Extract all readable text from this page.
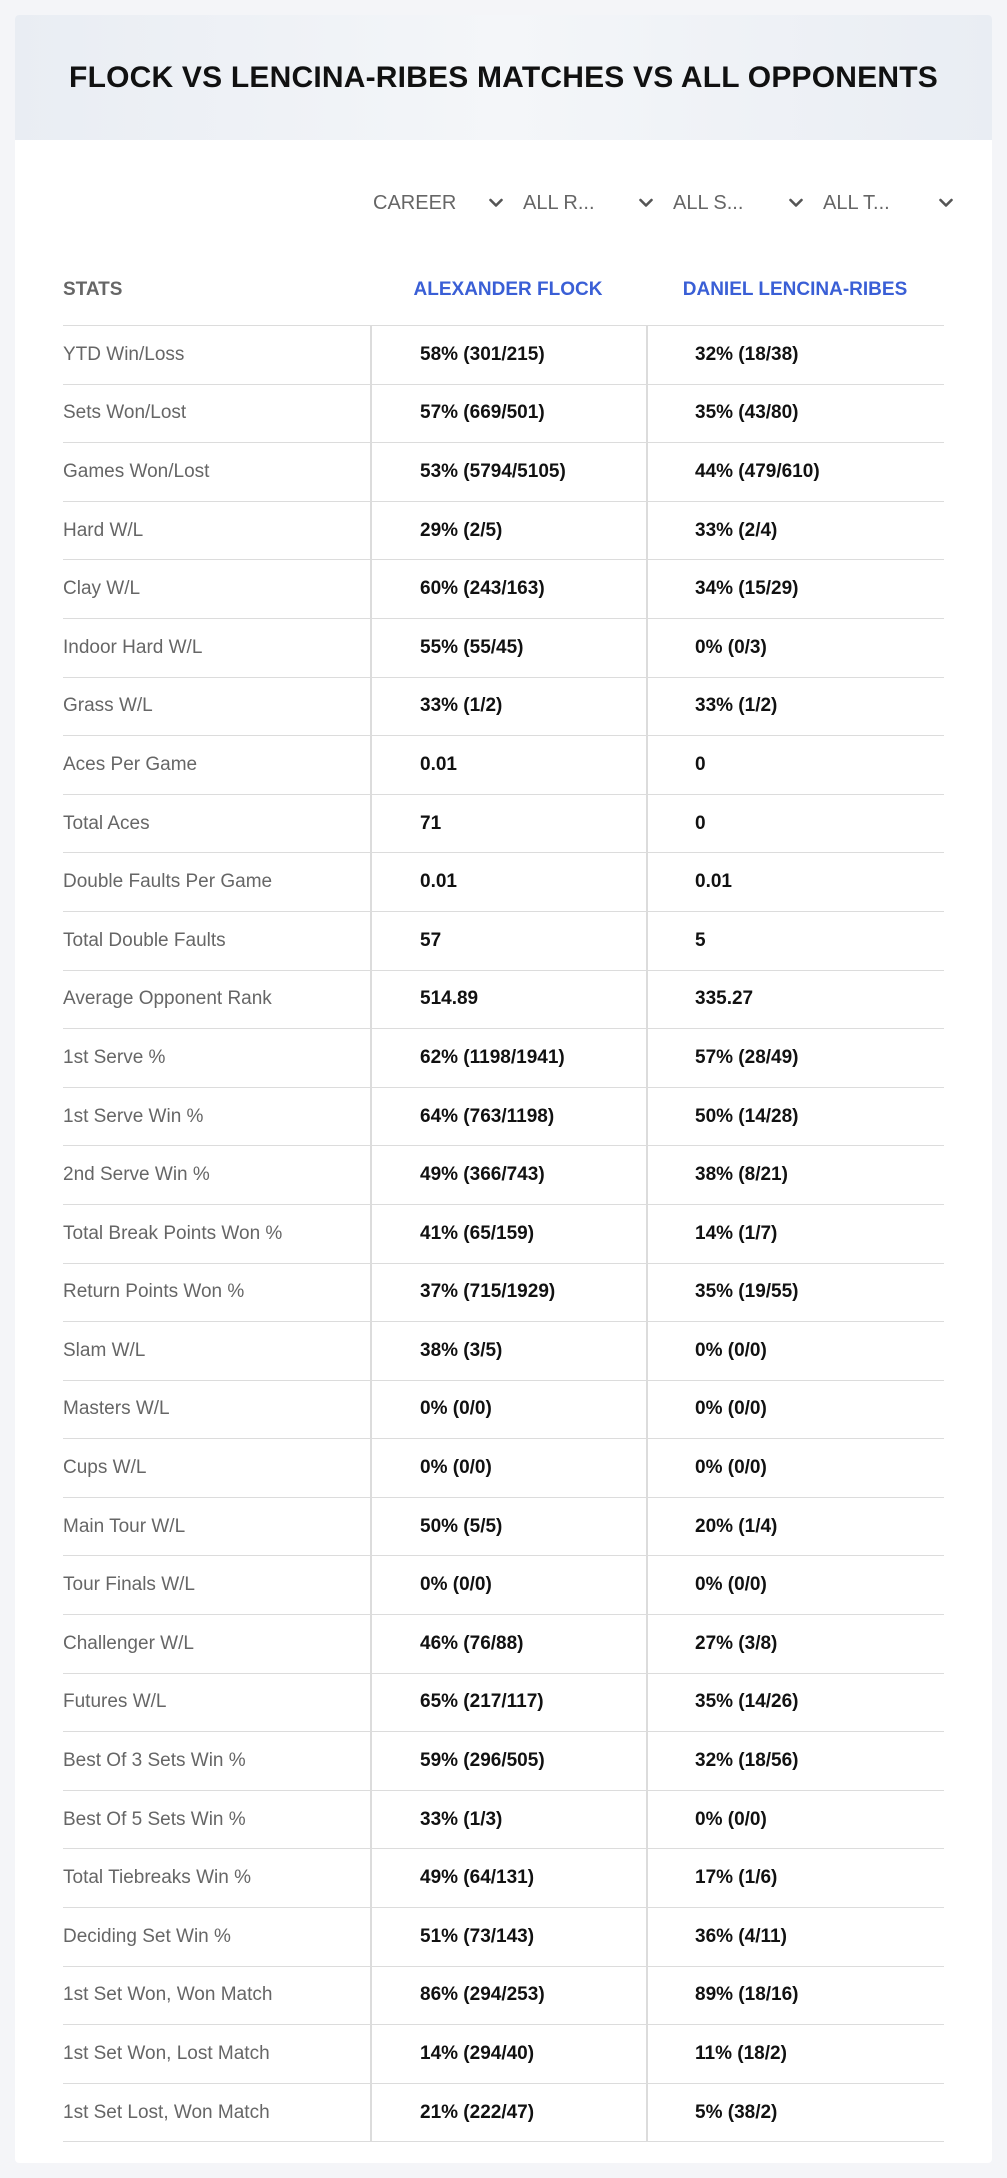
FLOCK VS LENCINA-RIBES MATCHES VS ALL OPPONENTS
CAREER	ALL R...	ALL S...	ALL T...
STATS	ALEXANDER FLOCK	DANIEL LENCINA-RIBES
YTD Win/Loss	58% (301/215)	32% (18/38)
Sets Won/Lost	57% (669/501)	35% (43/80)
Games Won/Lost	53% (5794/5105)	44% (479/610)
Hard W/L	29% (2/5)	33% (2/4)
Clay W/L	60% (243/163)	34% (15/29)
Indoor Hard W/L	55% (55/45)	0% (0/3)
Grass W/L	33% (1/2)	33% (1/2)
Aces Per Game	0.01	0
Total Aces	71	0
Double Faults Per Game	0.01	0.01
Total Double Faults	57	5
Average Opponent Rank	514.89	335.27
1st Serve %	62% (1198/1941)	57% (28/49)
1st Serve Win %	64% (763/1198)	50% (14/28)
2nd Serve Win %	49% (366/743)	38% (8/21)
Total Break Points Won %	41% (65/159)	14% (1/7)
Return Points Won %	37% (715/1929)	35% (19/55)
Slam W/L	38% (3/5)	0% (0/0)
Masters W/L	0% (0/0)	0% (0/0)
Cups W/L	0% (0/0)	0% (0/0)
Main Tour W/L	50% (5/5)	20% (1/4)
Tour Finals W/L	0% (0/0)	0% (0/0)
Challenger W/L	46% (76/88)	27% (3/8)
Futures W/L	65% (217/117)	35% (14/26)
Best Of 3 Sets Win %	59% (296/505)	32% (18/56)
Best Of 5 Sets Win %	33% (1/3)	0% (0/0)
Total Tiebreaks Win %	49% (64/131)	17% (1/6)
Deciding Set Win %	51% (73/143)	36% (4/11)
1st Set Won, Won Match	86% (294/253)	89% (18/16)
1st Set Won, Lost Match	14% (294/40)	11% (18/2)
1st Set Lost, Won Match	21% (222/47)	5% (38/2)
